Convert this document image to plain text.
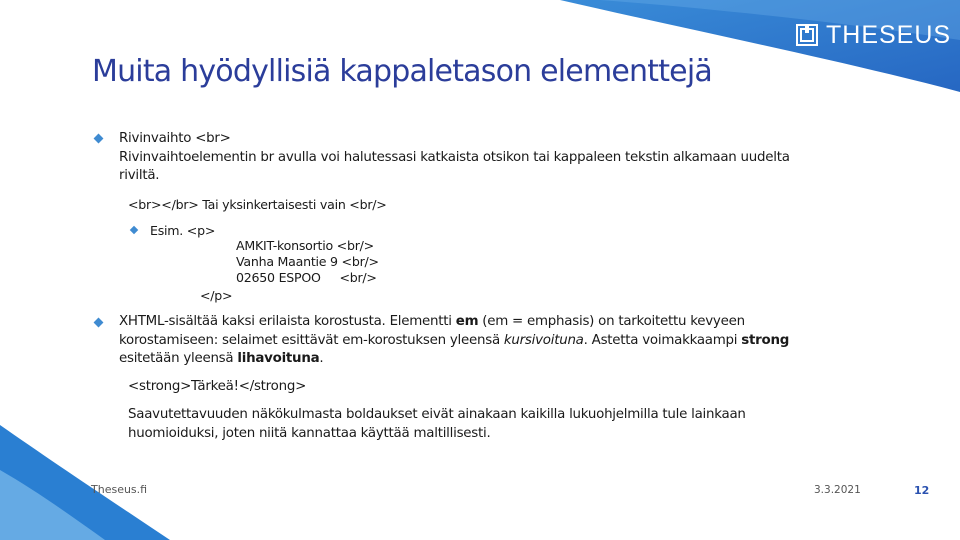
THESEUS
Muita hyödyllisiä kappaletason elementtejä
Rivinvaihto <br>
Rivinvaihtoelementin br avulla voi halutessasi katkaista otsikon tai kappaleen tekstin alkamaan uudelta
riviltä.
<br></br> Tai yksinkertaisesti vain <br/>
Esim. <p>
AMKIT-konsortio <br/>
Vanha Maantie 9 <br/>
02650 ESPOO     <br/>
</p>
XHTML-sisältää kaksi erilaista korostusta. Elementti em (em = emphasis) on tarkoitettu kevyeen
korostamiseen: selaimet esittävät em-korostuksen yleensä kursivoituna. Astetta voimakkaampi strong
esitetään yleensä lihavoituna.
<strong>Tärkeä!</strong>
Saavutettavuuden näkökulmasta boldaukset eivät ainakaan kaikilla lukuohjelmilla tule lainkaan
huomioiduksi, joten niitä kannattaa käyttää maltillisesti.
Theseus.fi	3.3.2021	12
